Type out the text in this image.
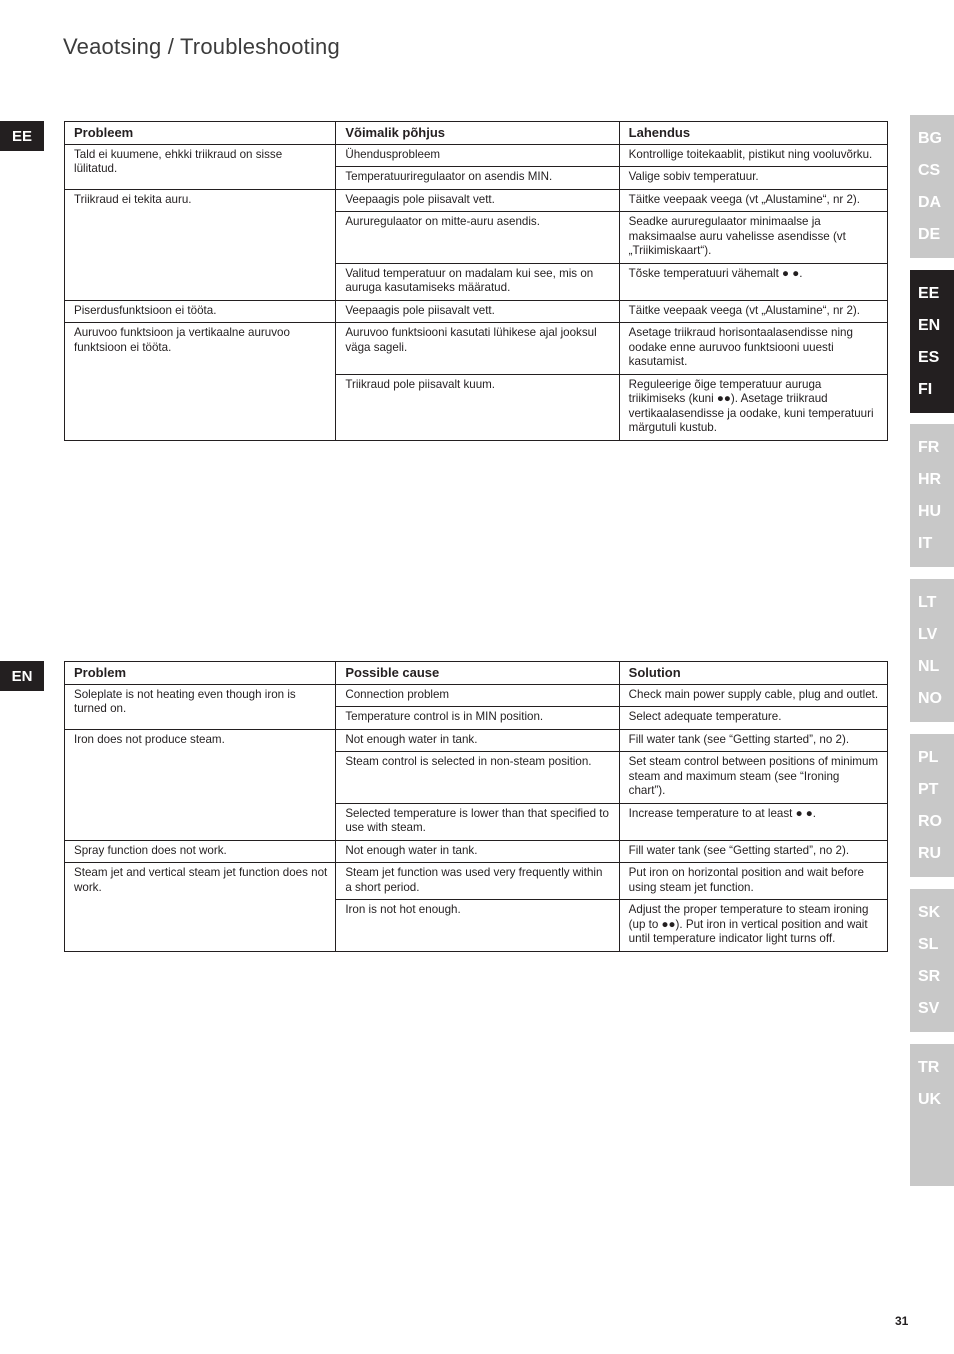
Veaotsing / Troubleshooting
EE	Probleem	Võimalik põhjus	Lahendus
Tald ei kuumene, ehkki triikraud on sisse lülitatud.	Ühendusprobleem	Kontrollige toitekaablit, pistikut ning vooluvõrku.
	Temperatuuriregulaator on asendis MIN.	Valige sobiv temperatuur.
Triikraud ei tekita auru.	Veepaagis pole piisavalt vett.	Täitke veepaak veega (vt „Alustamine“, nr 2).
	Aururegulaator on mitte-auru asendis.	Seadke aururegulaator minimaalse ja maksimaalse auru vahelisse asendisse (vt „Triikimiskaart“).
	Valitud temperatuur on madalam kui see, mis on auruga kasutamiseks määratud.	Tõske temperatuuri vähemalt ● ●.
Piserdusfunktsioon ei tööta.	Veepaagis pole piisavalt vett.	Täitke veepaak veega (vt „Alustamine“, nr 2).
Auruvoo funktsioon ja vertikaalne auruvoo funktsioon ei tööta.	Auruvoo funktsiooni kasutati lühikese ajal jooksul väga sageli.	Asetage triikraud horisontaalasendisse ning oodake enne auruvoo funktsiooni uuesti kasutamist.
	Triikraud pole piisavalt kuum.	Reguleerige õige temperatuur auruga triikimiseks (kuni ●●). Asetage triikraud vertikaalasendisse ja oodake, kuni temperatuuri märgutuli kustub.
EN	Problem	Possible cause	Solution
Soleplate is not heating even though iron is turned on.	Connection problem	Check main power supply cable, plug and outlet.
	Temperature control is in MIN position.	Select adequate temperature.
Iron does not produce steam.	Not enough water in tank.	Fill water tank (see “Getting started”, no 2).
	Steam control is selected in non-steam position.	Set steam control between positions of minimum steam and maximum steam (see “Ironing chart”).
	Selected temperature is lower than that specified to use with steam.	Increase temperature to at least ● ●.
Spray function does not work.	Not enough water in tank.	Fill water tank (see “Getting started”, no 2).
Steam jet and vertical steam jet function does not work.	Steam jet function was used very frequently within a short period.	Put iron on horizontal position and wait before using steam jet function.
	Iron is not hot enough.	Adjust the proper temperature to steam ironing (up to ●●). Put iron in vertical position and wait until temperature indicator light turns off.
BG
CS
DA
DE
EE
EN
ES
FI
FR
HR
HU
IT
LT
LV
NL
NO
PL
PT
RO
RU
SK
SL
SR
SV
TR
UK
31
